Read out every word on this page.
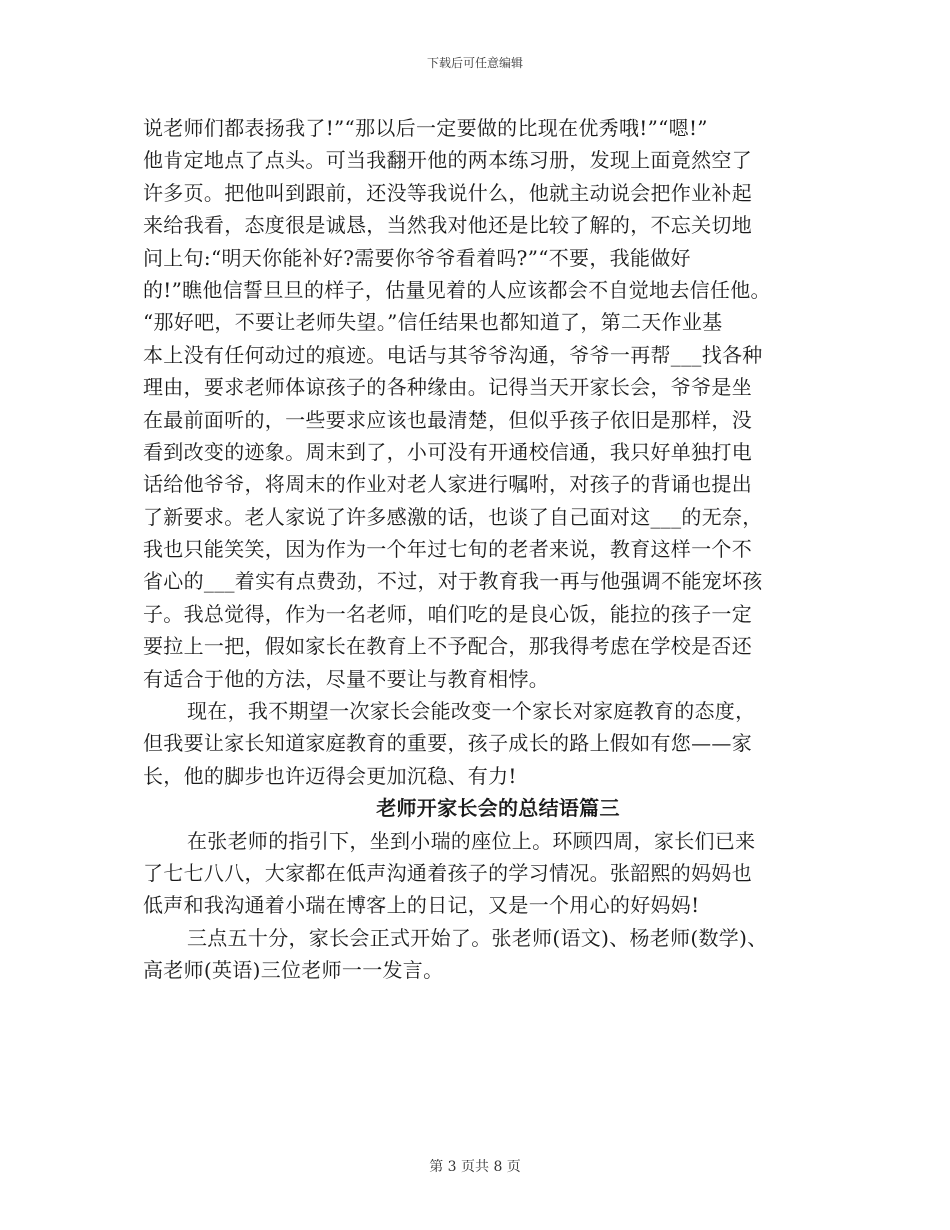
下载后可任意编辑
说老师们都表扬我了!”“那以后一定要做的比现在优秀哦!”“嗯!”
他肯定地点了点头。可当我翻开他的两本练习册，发现上面竟然空了
许多页。把他叫到跟前，还没等我说什么，他就主动说会把作业补起
来给我看，态度很是诚恳，当然我对他还是比较了解的，不忘关切地
问上句:“明天你能补好?需要你爷爷看着吗?”“不要，我能做好
的!”瞧他信誓旦旦的样子，估量见着的人应该都会不自觉地去信任他。
“那好吧，不要让老师失望。”信任结果也都知道了，第二天作业基
本上没有任何动过的痕迹。电话与其爷爷沟通，爷爷一再帮___找各种
理由，要求老师体谅孩子的各种缘由。记得当天开家长会，爷爷是坐
在最前面听的，一些要求应该也最清楚，但似乎孩子依旧是那样，没
看到改变的迹象。周末到了，小可没有开通校信通，我只好单独打电
话给他爷爷，将周末的作业对老人家进行嘱咐，对孩子的背诵也提出
了新要求。老人家说了许多感激的话，也谈了自己面对这___的无奈，
我也只能笑笑，因为作为一个年过七旬的老者来说，教育这样一个不
省心的___着实有点费劲，不过，对于教育我一再与他强调不能宠坏孩
子。我总觉得，作为一名老师，咱们吃的是良心饭，能拉的孩子一定
要拉上一把，假如家长在教育上不予配合，那我得考虑在学校是否还
有适合于他的方法，尽量不要让与教育相悖。
现在，我不期望一次家长会能改变一个家长对家庭教育的态度，
但我要让家长知道家庭教育的重要，孩子成长的路上假如有您——家
长，他的脚步也许迈得会更加沉稳、有力!
老师开家长会的总结语篇三
在张老师的指引下，坐到小瑞的座位上。环顾四周，家长们已来
了七七八八，大家都在低声沟通着孩子的学习情况。张韶熙的妈妈也
低声和我沟通着小瑞在博客上的日记，又是一个用心的好妈妈!
三点五十分，家长会正式开始了。张老师(语文)、杨老师(数学)、
高老师(英语)三位老师一一发言。
第 3 页共 8 页
